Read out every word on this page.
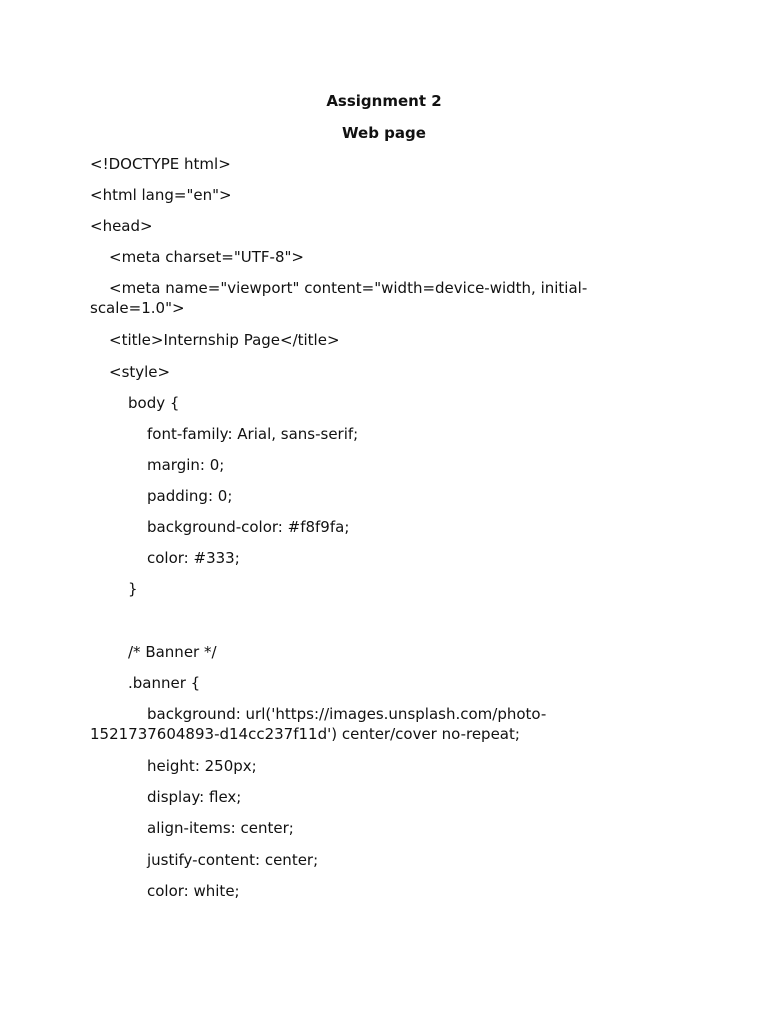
Assignment 2
Web page
<!DOCTYPE html>
<html lang="en">
<head>
<meta charset="UTF-8">
<meta name="viewport" content="width=device-width, initial-scale=1.0">
<title>Internship Page</title>
<style>
body {
font-family: Arial, sans-serif;
margin: 0;
padding: 0;
background-color: #f8f9fa;
color: #333;
}
/* Banner */
.banner {
background: url('https://images.unsplash.com/photo-1521737604893-d14cc237f11d') center/cover no-repeat;
height: 250px;
display: flex;
align-items: center;
justify-content: center;
color: white;
